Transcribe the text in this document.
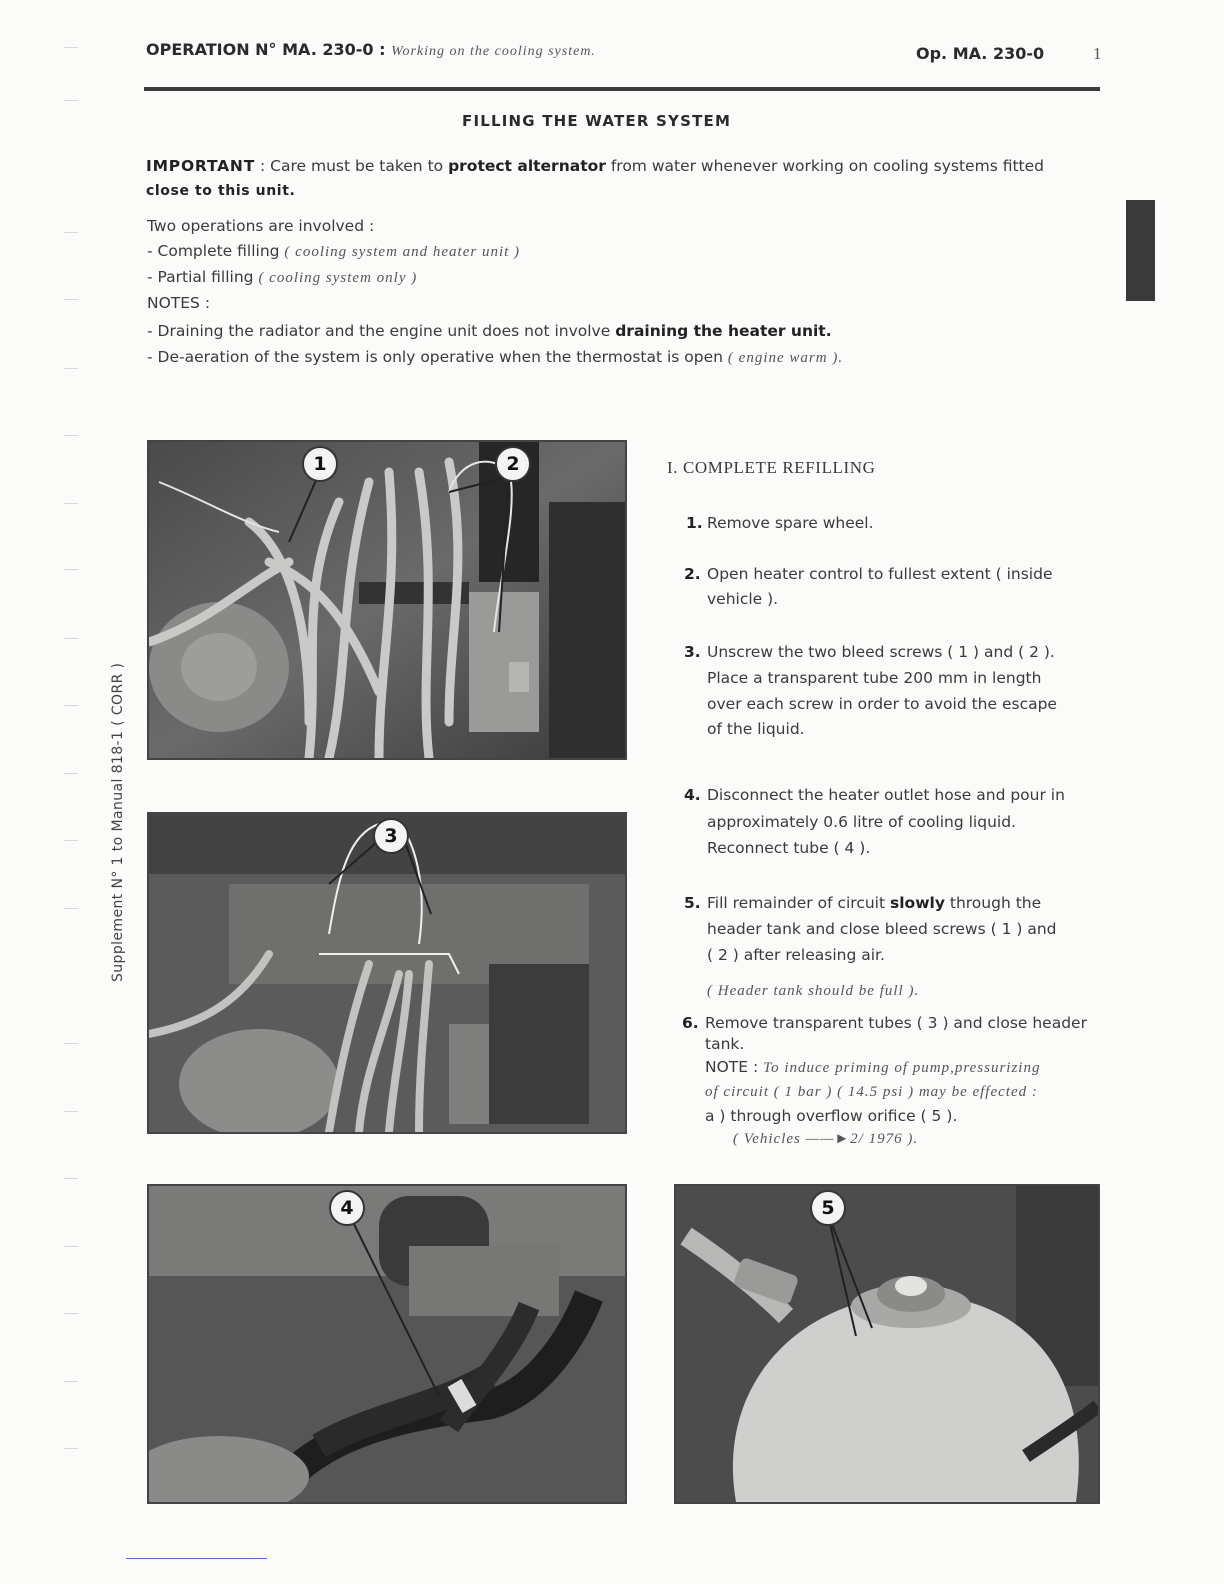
OPERATION N° MA. 230-0 : Working on the cooling system.	Op. MA. 230-0	1
FILLING THE WATER SYSTEM
IMPORTANT : Care must be taken to protect alternator from water whenever working on cooling systems fitted
close to this unit.
Two operations are involved :
- Complete filling ( cooling system and heater unit )
- Partial filling ( cooling system only )
NOTES :
- Draining the radiator and the engine unit does not involve draining the heater unit.
- De-aeration of the system is only operative when the thermostat is open ( engine warm ).
Supplement N° 1 to Manual 818-1 ( CORR )
1	2
3
4	5
I. COMPLETE REFILLING
1. Remove spare wheel.
2. Open heater control to fullest extent ( inside
vehicle ).
3. Unscrew the two bleed screws ( 1 ) and ( 2 ).
Place a transparent tube 200 mm in length
over each screw in order to avoid the escape
of the liquid.
4. Disconnect the heater outlet hose and pour in
approximately 0.6 litre of cooling liquid.
Reconnect tube ( 4 ).
5. Fill remainder of circuit slowly through the
header tank and close bleed screws ( 1 ) and
( 2 ) after releasing air.
( Header tank should be full ).
6. Remove transparent tubes ( 3 ) and close header
tank.
NOTE : To induce priming of pump,pressurizing
of circuit ( 1 bar ) ( 14.5 psi ) may be effected :
a ) through overflow orifice ( 5 ).
( Vehicles ——►2/ 1976 ).
